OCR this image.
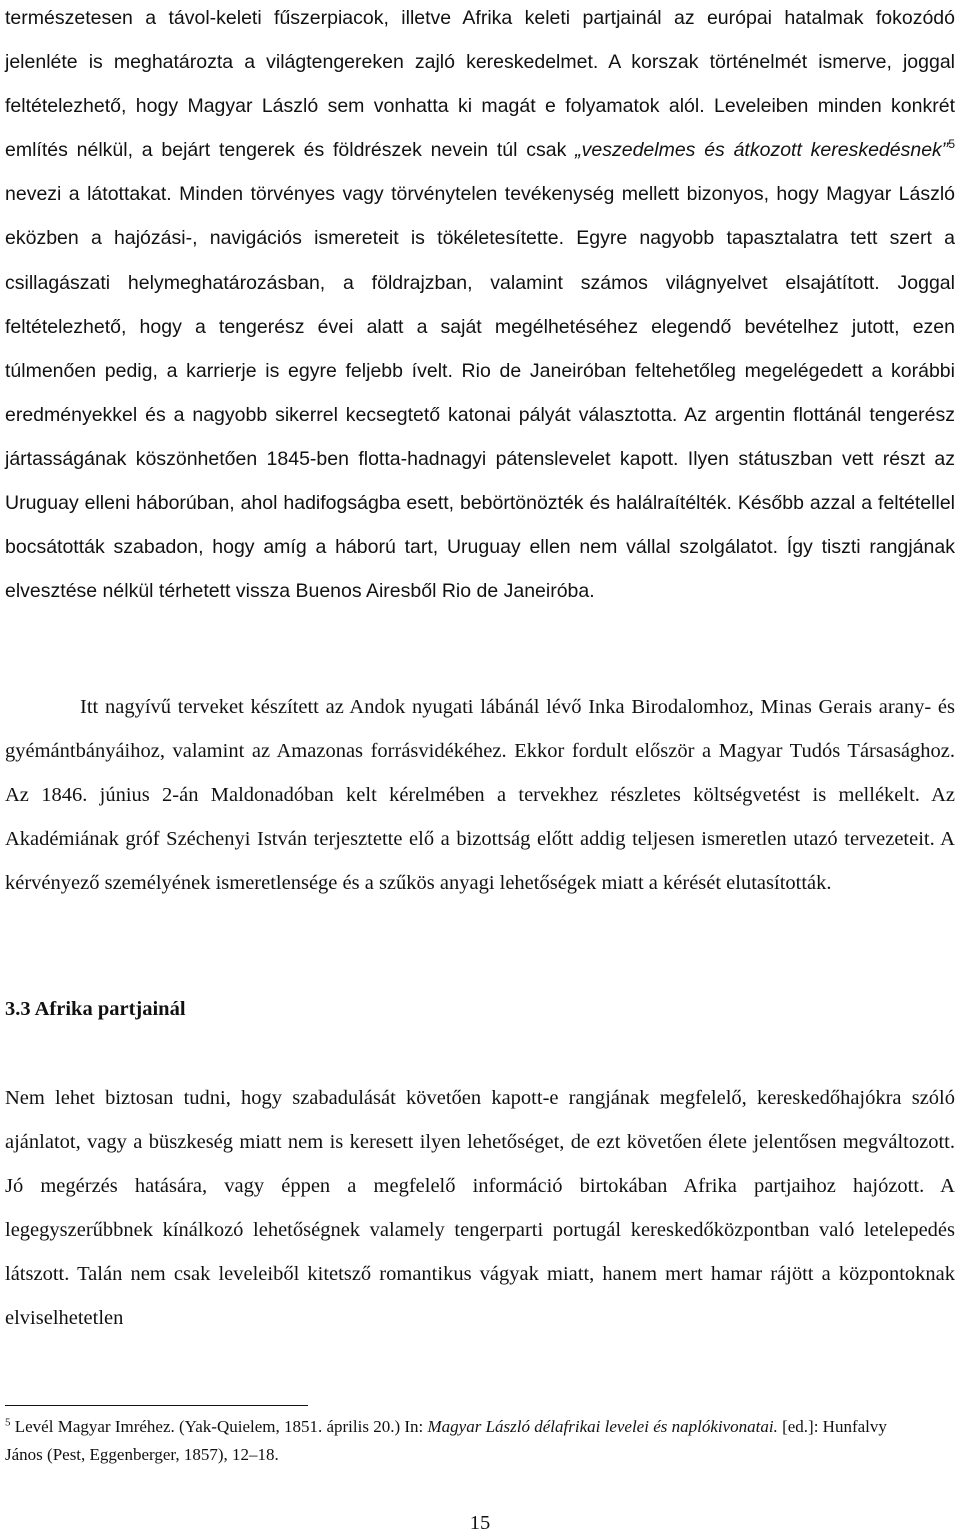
természetesen a távol-keleti fűszerpiacok, illetve Afrika keleti partjainál az európai hatalmak fokozódó jelenléte is meghatározta a világtengereken zajló kereskedelmet. A korszak történelmét ismerve, joggal feltételezhető, hogy Magyar László sem vonhatta ki magát e folyamatok alól. Leveleiben minden konkrét említés nélkül, a bejárt tengerek és földrészek nevein túl csak „veszedelmes és átkozott kereskedésnek”$^5$ nevezi a látottakat. Minden törvényes vagy törvénytelen tevékenység mellett bizonyos, hogy Magyar László eközben a hajózási-, navigációs ismereteit is tökéletesítette. Egyre nagyobb tapasztalatra tett szert a csillagászati helymeghatározásban, a földrajzban, valamint számos világnyelvet elsajátított. Joggal feltételezhető, hogy a tengerész évei alatt a saját megélhetéséhez elegendő bevételhez jutott, ezen túlmenően pedig, a karrierje is egyre feljebb ívelt. Rio de Janeiróban feltehetőleg megelégedett a korábbi eredményekkel és a nagyobb sikerrel kecsegtető katonai pályát választotta. Az argentin flottánál tengerész jártasságának köszönhetően 1845-ben flotta-hadnagyi pátenslevelet kapott. Ilyen státuszban vett részt az Uruguay elleni háborúban, ahol hadifogságba esett, bebörtönözték és halálraítélték. Később azzal a feltétellel bocsátották szabadon, hogy amíg a háború tart, Uruguay ellen nem vállal szolgálatot. Így tiszti rangjának elvesztése nélkül térhetett vissza Buenos Airesből Rio de Janeiróba.

Itt nagyívű terveket készített az Andok nyugati lábánál lévő Inka Birodalomhoz, Minas Gerais arany- és gyémántbányáihoz, valamint az Amazonas forrásvidékéhez. Ekkor fordult először a Magyar Tudós Társasághoz. Az 1846. június 2-án Maldonadóban kelt kérelmében a tervekhez részletes költségvetést is mellékelt. Az Akadémiának gróf Széchenyi István terjesztette elő a bizottság előtt addig teljesen ismeretlen utazó tervezeteit. A kérvényező személyének ismeretlensége és a szűkös anyagi lehetőségek miatt a kérését elutasították.

3.3 Afrika partjainál

Nem lehet biztosan tudni, hogy szabadulását követően kapott-e rangjának megfelelő, kereskedőhajókra szóló ajánlatot, vagy a büszkeség miatt nem is keresett ilyen lehetőséget, de ezt követően élete jelentősen megváltozott. Jó megérzés hatására, vagy éppen a megfelelő információ birtokában Afrika partjaihoz hajózott. A legegyszerűbbnek kínálkozó lehetőségnek valamely tengerparti portugál kereskedőközpontban való letelepedés látszott. Talán nem csak leveleiből kitetsző romantikus vágyak miatt, hanem mert hamar rájött a központoknak elviselhetetlen

$^5$ Levél Magyar Imréhez. (Yak-Quielem, 1851. április 20.) In: Magyar László délafrikai levelei és naplókivonatai. [ed.]: Hunfalvy János (Pest, Eggenberger, 1857), 12–18.

15
